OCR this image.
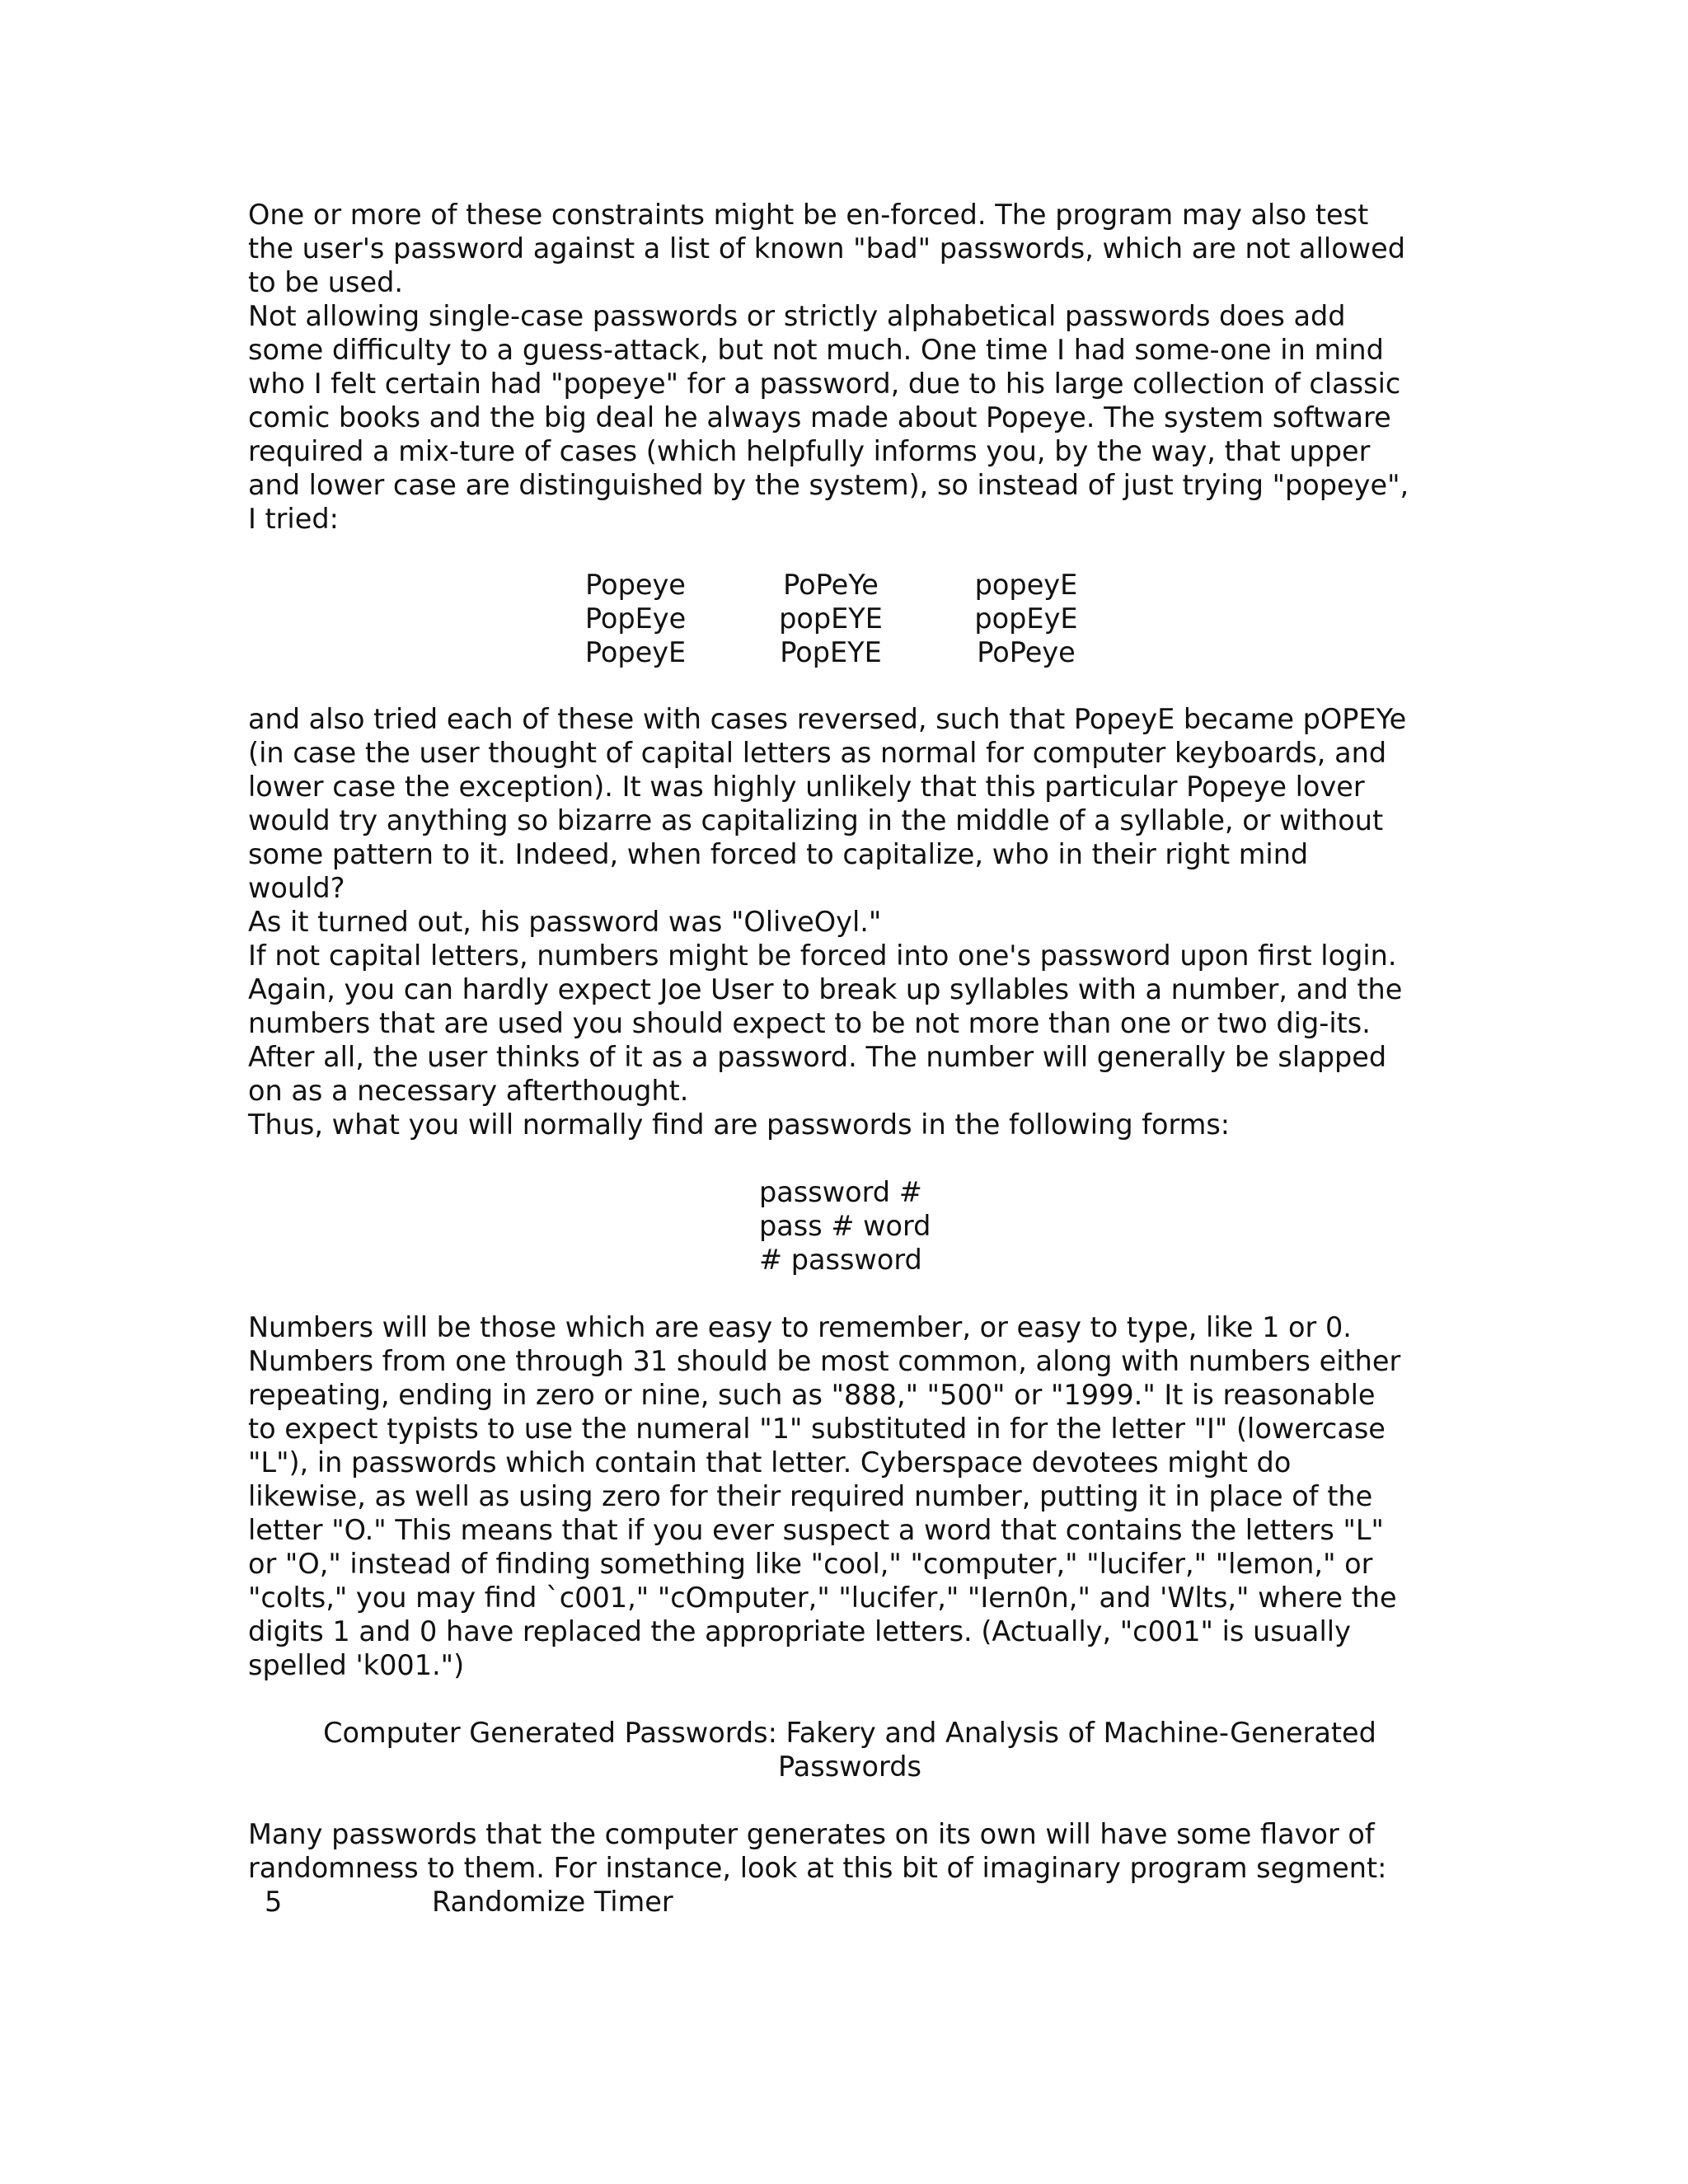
One or more of these constraints might be en-forced. The program may also test
the user's password against a list of known "bad" passwords, which are not allowed
to be used.

Not allowing single-case passwords or strictly alphabetical passwords does add
some difficulty to a guess-attack, but not much. One time I had some-one in mind
who I felt certain had "popeye" for a password, due to his large collection of classic
comic books and the big deal he always made about Popeye. The system software
required a mix-ture of cases (which helpfully informs you, by the way, that upper
and lower case are distinguished by the system), so instead of just trying "popeye",
I tried:

Popeye	PoPeYe	popeyE
PopEye	popEYE	popEyE
PopeyE	PopEYE	PoPeye

and also tried each of these with cases reversed, such that PopeyE became pOPEYe
(in case the user thought of capital letters as normal for computer keyboards, and
lower case the exception). It was highly unlikely that this particular Popeye lover
would try anything so bizarre as capitalizing in the middle of a syllable, or without
some pattern to it. Indeed, when forced to capitalize, who in their right mind
would?

As it turned out, his password was "OliveOyl."

If not capital letters, numbers might be forced into one's password upon first login.
Again, you can hardly expect Joe User to break up syllables with a number, and the
numbers that are used you should expect to be not more than one or two dig-its.
After all, the user thinks of it as a password. The number will generally be slapped
on as a necessary afterthought.

Thus, what you will normally find are passwords in the following forms:

password #
pass # word
# password

Numbers will be those which are easy to remember, or easy to type, like 1 or 0.
Numbers from one through 31 should be most common, along with numbers either
repeating, ending in zero or nine, such as "888," "500" or "1999." It is reasonable
to expect typists to use the numeral "1" substituted in for the letter "I" (lowercase
"L"), in passwords which contain that letter. Cyberspace devotees might do
likewise, as well as using zero for their required number, putting it in place of the
letter "O." This means that if you ever suspect a word that contains the letters "L"
or "O," instead of finding something like "cool," "computer," "lucifer," "lemon," or
"colts," you may find `c001," "cOmputer," "lucifer," "Iern0n," and 'Wlts," where the
digits 1 and 0 have replaced the appropriate letters. (Actually, "c001" is usually
spelled 'k001.")

Computer Generated Passwords: Fakery and Analysis of Machine-Generated
Passwords

Many passwords that the computer generates on its own will have some flavor of
randomness to them. For instance, look at this bit of imaginary program segment:

5	Randomize Timer
